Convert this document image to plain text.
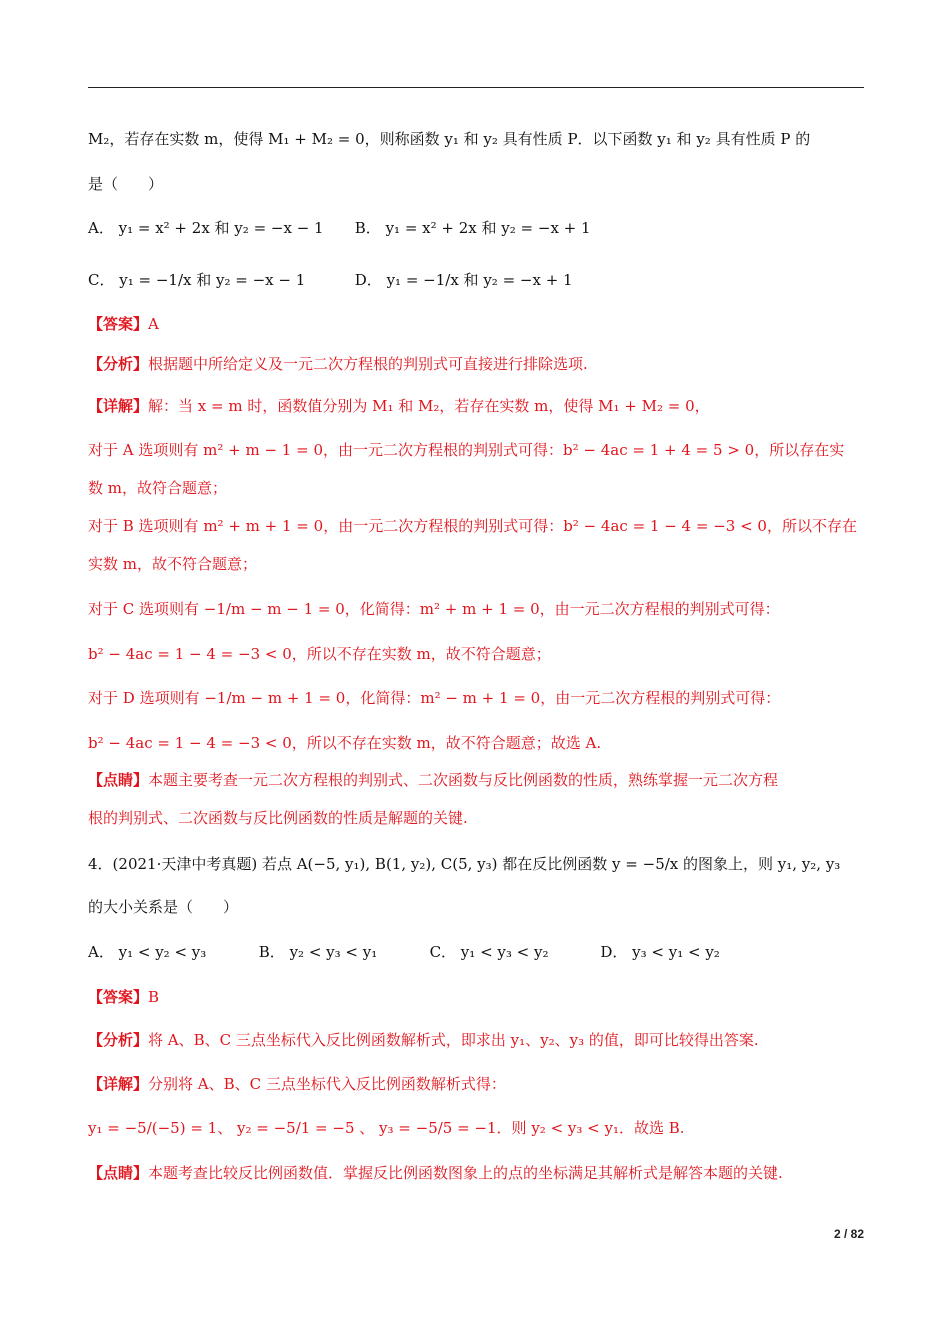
M₂，若存在实数 m，使得 M₁ + M₂ = 0，则称函数 y₁ 和 y₂ 具有性质 P．以下函数 y₁ 和 y₂ 具有性质 P 的
是（　　）
A． y₁ = x² + 2x 和 y₂ = −x − 1 B． y₁ = x² + 2x 和 y₂ = −x + 1
C． y₁ = −1/x 和 y₂ = −x − 1	D． y₁ = −1/x 和 y₂ = −x + 1
【答案】A
【分析】根据题中所给定义及一元二次方程根的判别式可直接进行排除选项.
【详解】解：当 x = m 时，函数值分别为 M₁ 和 M₂，若存在实数 m，使得 M₁ + M₂ = 0，
对于 A 选项则有 m² + m − 1 = 0，由一元二次方程根的判别式可得：b² − 4ac = 1 + 4 = 5 > 0，所以存在实
数 m，故符合题意；
对于 B 选项则有 m² + m + 1 = 0，由一元二次方程根的判别式可得：b² − 4ac = 1 − 4 = −3 < 0，所以不存在
实数 m，故不符合题意；
对于 C 选项则有 −1/m − m − 1 = 0，化简得：m² + m + 1 = 0，由一元二次方程根的判别式可得：
b² − 4ac = 1 − 4 = −3 < 0，所以不存在实数 m，故不符合题意；
对于 D 选项则有 −1/m − m + 1 = 0，化简得：m² − m + 1 = 0，由一元二次方程根的判别式可得：
b² − 4ac = 1 − 4 = −3 < 0，所以不存在实数 m，故不符合题意；故选 A.
【点睛】本题主要考查一元二次方程根的判别式、二次函数与反比例函数的性质，熟练掌握一元二次方程
根的判别式、二次函数与反比例函数的性质是解题的关键.
4．(2021·天津中考真题) 若点 A(−5, y₁), B(1, y₂), C(5, y₃) 都在反比例函数 y = −5/x 的图象上，则 y₁, y₂, y₃
的大小关系是（　　）
A． y₁ < y₂ < y₃	B． y₂ < y₃ < y₁	C． y₁ < y₃ < y₂	D． y₃ < y₁ < y₂
【答案】B
【分析】将 A、B、C 三点坐标代入反比例函数解析式，即求出 y₁、y₂、y₃ 的值，即可比较得出答案.
【详解】分别将 A、B、C 三点坐标代入反比例函数解析式得：
y₁ = −5/(−5) = 1、 y₂ = −5/1 = −5 、 y₃ = −5/5 = −1．则 y₂ < y₃ < y₁．故选 B.
【点睛】本题考查比较反比例函数值．掌握反比例函数图象上的点的坐标满足其解析式是解答本题的关键.
2 / 82
